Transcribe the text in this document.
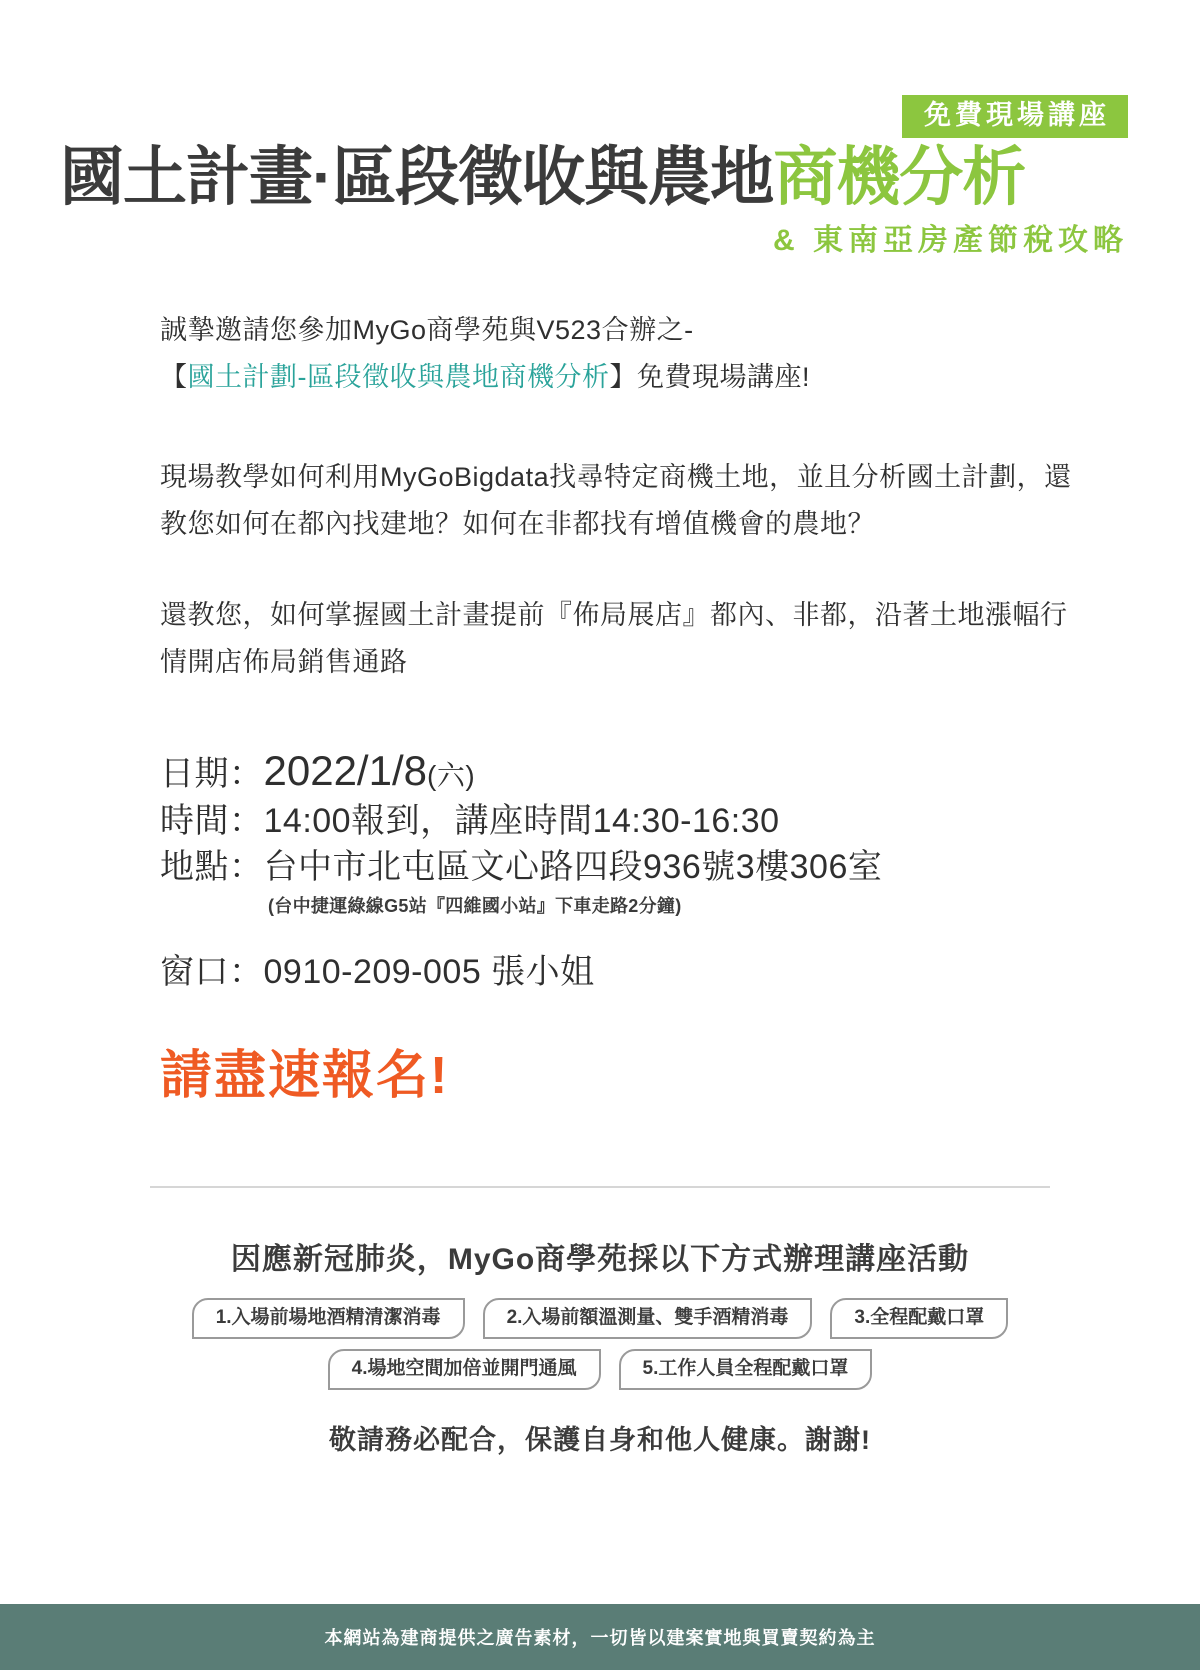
免費現場講座
國土計畫·區段徵收與農地 商機分析
& 東南亞房產節稅攻略
誠摯邀請您參加MyGo商學苑與V523合辦之-
【國土計劃-區段徵收與農地商機分析】免費現場講座!
現場教學如何利用MyGoBigdata找尋特定商機土地，並且分析國土計劃，還教您如何在都內找建地？如何在非都找有增值機會的農地？
還教您，如何掌握國土計畫提前『佈局展店』都內、非都，沿著土地漲幅行情開店佈局銷售通路
日期：2022/1/8(六)
時間：14:00報到，講座時間14:30-16:30
地點：台中市北屯區文心路四段936號3樓306室
(台中捷運綠線G5站『四維國小站』下車走路2分鐘)
窗口：0910-209-005 張小姐
請盡速報名!
因應新冠肺炎，MyGo商學苑採以下方式辦理講座活動
1.入場前場地酒精清潔消毒	2.入場前額溫測量、雙手酒精消毒	3.全程配戴口罩
4.場地空間加倍並開門通風	5.工作人員全程配戴口罩
敬請務必配合，保護自身和他人健康。謝謝!
本網站為建商提供之廣告素材，一切皆以建案實地與買賣契約為主
